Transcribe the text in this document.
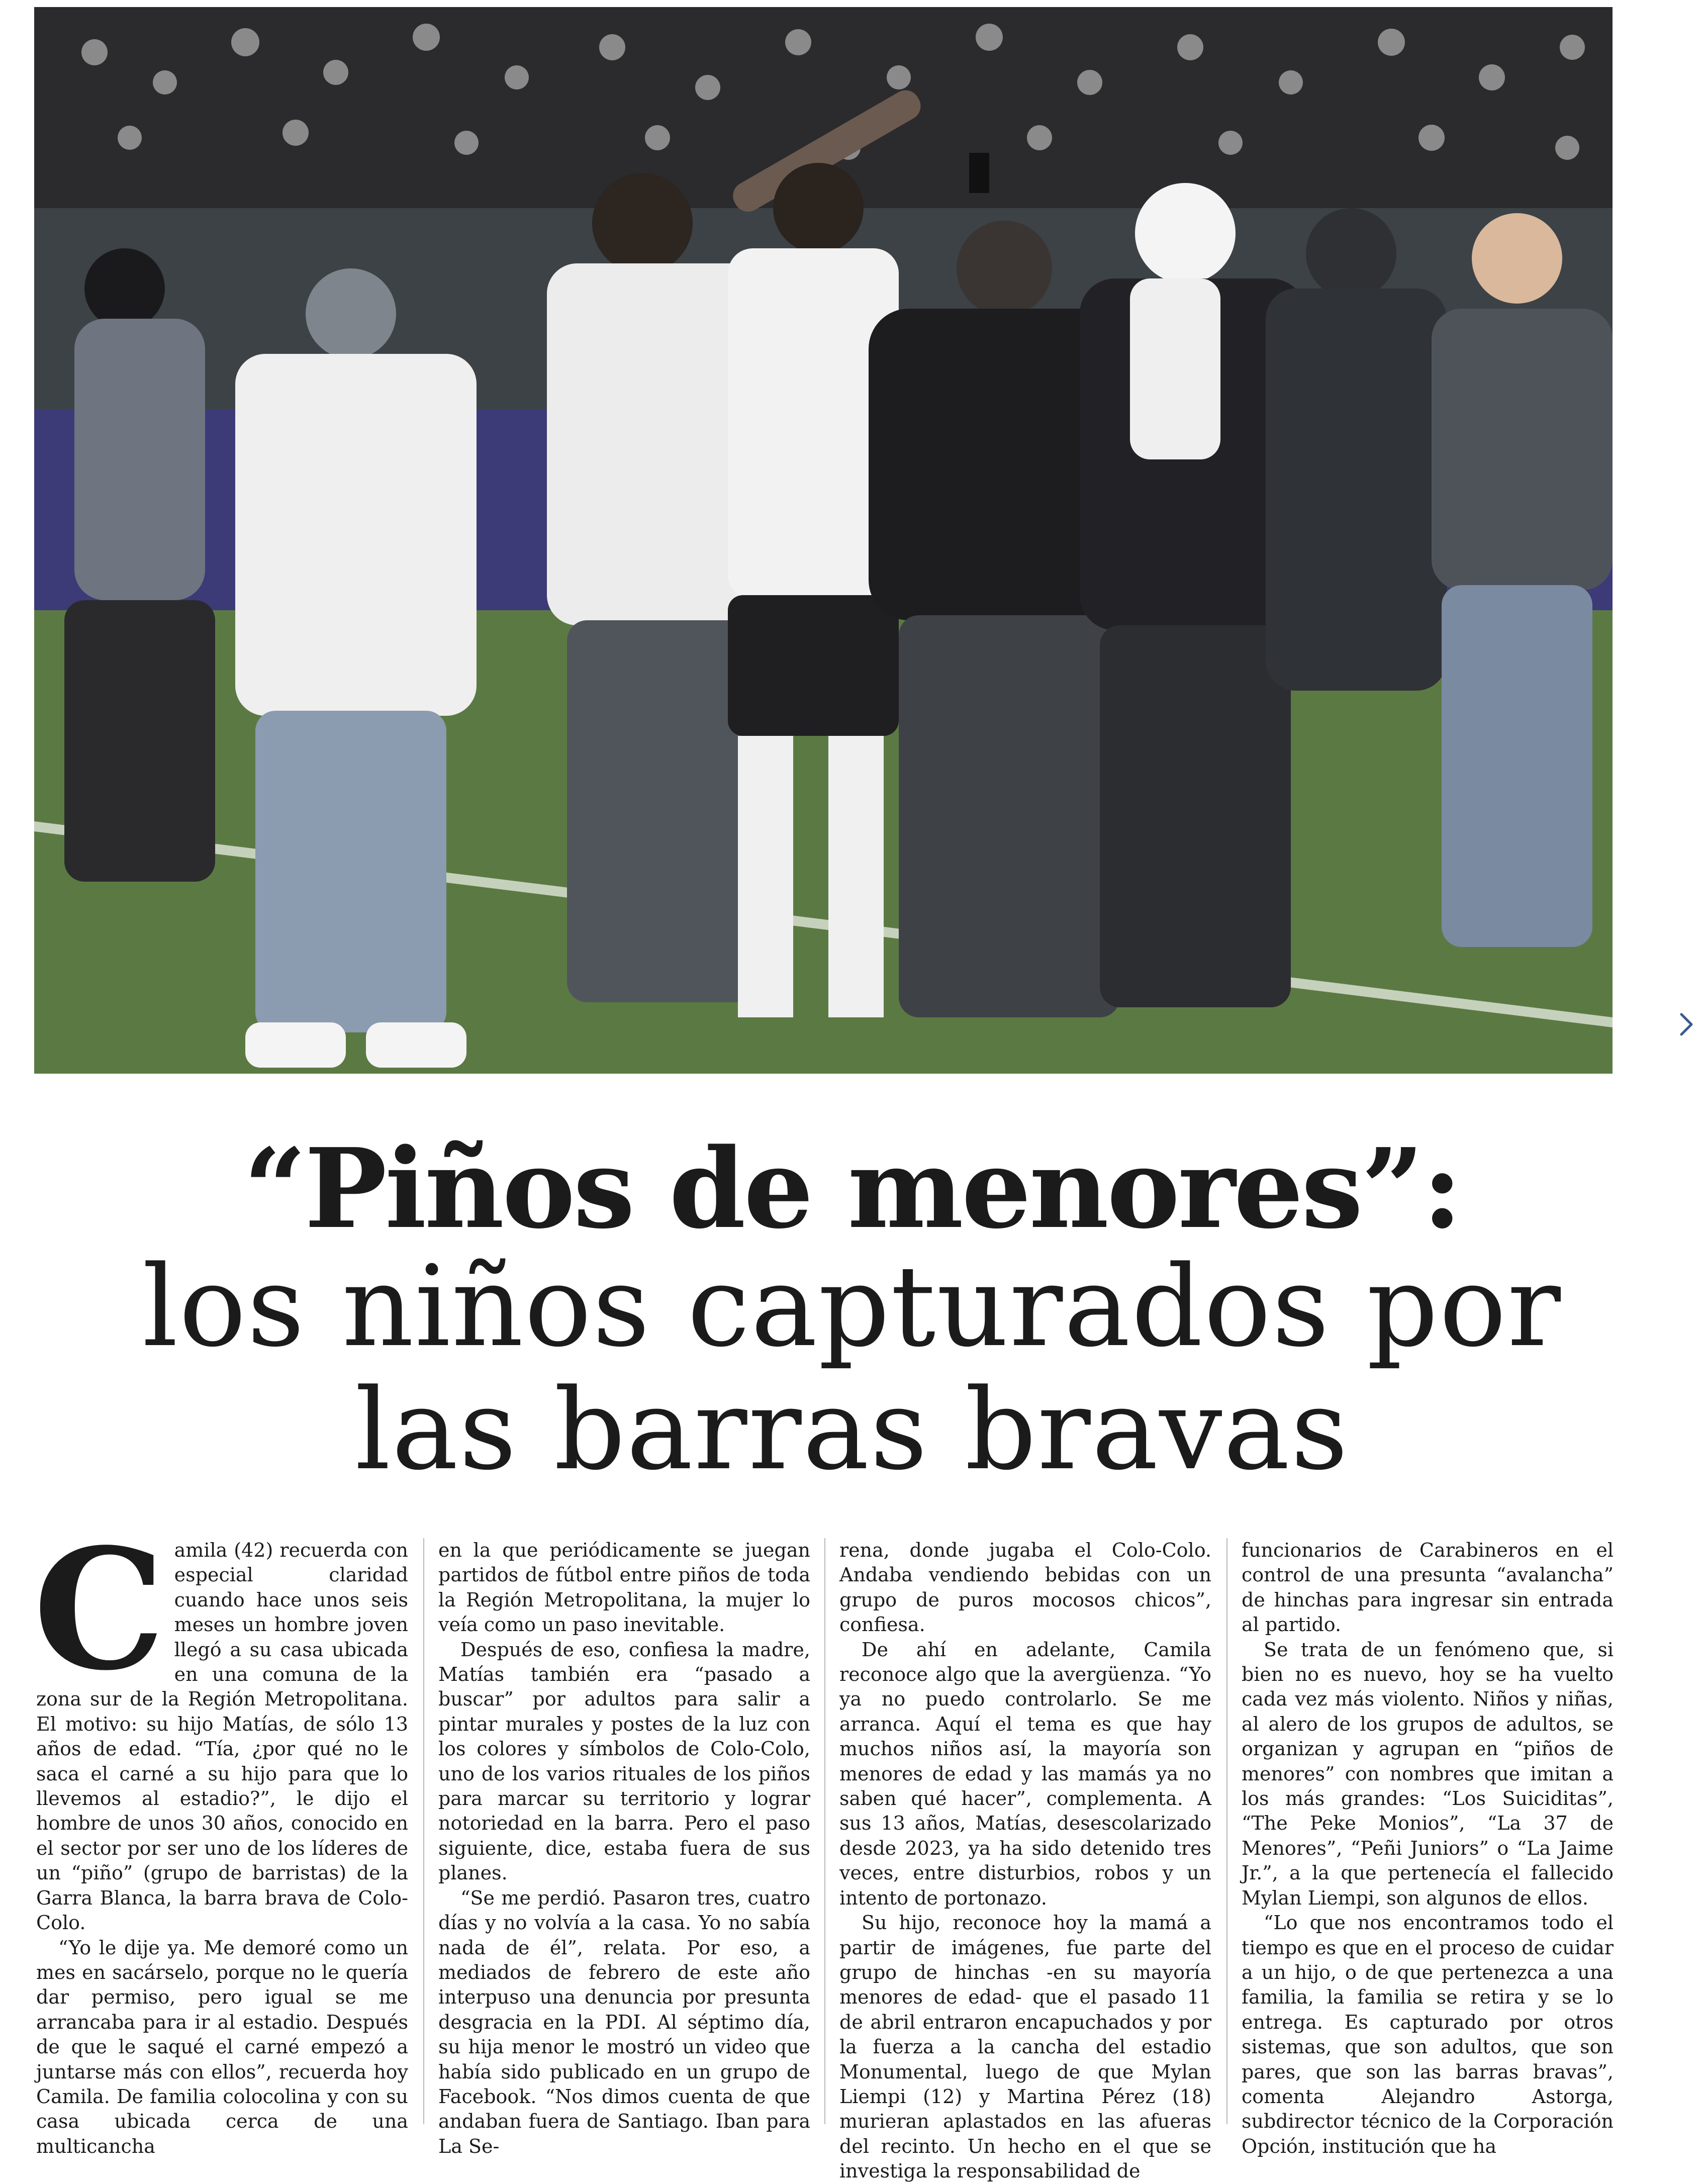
“Piños de menores”:
los niños capturados por
las barras bravas
C amila (42) recuerda con especial claridad cuando hace unos seis meses un hombre joven llegó a su casa ubicada en una comuna de la zona sur de la Región Metropolitana. El motivo: su hijo Matías, de sólo 13 años de edad. “Tía, ¿por qué no le saca el carné a su hijo para que lo llevemos al estadio?”, le dijo el hombre de unos 30 años, conocido en el sector por ser uno de los líderes de un “piño” (grupo de barristas) de la Garra Blanca, la barra brava de Colo-Colo.

“Yo le dije ya. Me demoré como un mes en sacárselo, porque no le quería dar permiso, pero igual se me arrancaba para ir al estadio. Después de que le saqué el carné empezó a juntarse más con ellos”, recuerda hoy Camila. De familia colocolina y con su casa ubicada cerca de una multicancha

en la que periódicamente se juegan partidos de fútbol entre piños de toda la Región Metropolitana, la mujer lo veía como un paso inevitable.

Después de eso, confiesa la madre, Matías también era “pasado a buscar” por adultos para salir a pintar murales y postes de la luz con los colores y símbolos de Colo-Colo, uno de los varios rituales de los piños para marcar su territorio y lograr notoriedad en la barra. Pero el paso siguiente, dice, estaba fuera de sus planes.

“Se me perdió. Pasaron tres, cuatro días y no volvía a la casa. Yo no sabía nada de él”, relata. Por eso, a mediados de febrero de este año interpuso una denuncia por presunta desgracia en la PDI. Al séptimo día, su hija menor le mostró un video que había sido publicado en un grupo de Facebook. “Nos dimos cuenta de que andaban fuera de Santiago. Iban para La Se-

rena, donde jugaba el Colo-Colo. Andaba vendiendo bebidas con un grupo de puros mocosos chicos”, confiesa.

De ahí en adelante, Camila reconoce algo que la avergüenza. “Yo ya no puedo controlarlo. Se me arranca. Aquí el tema es que hay muchos niños así, la mayoría son menores de edad y las mamás ya no saben qué hacer”, complementa. A sus 13 años, Matías, desescolarizado desde 2023, ya ha sido detenido tres veces, entre disturbios, robos y un intento de portonazo.

Su hijo, reconoce hoy la mamá a partir de imágenes, fue parte del grupo de hinchas -en su mayoría menores de edad- que el pasado 11 de abril entraron encapuchados y por la fuerza a la cancha del estadio Monumental, luego de que Mylan Liempi (12) y Martina Pérez (18) murieran aplastados en las afueras del recinto. Un hecho en el que se investiga la responsabilidad de

funcionarios de Carabineros en el control de una presunta “avalancha” de hinchas para ingresar sin entrada al partido.

Se trata de un fenómeno que, si bien no es nuevo, hoy se ha vuelto cada vez más violento. Niños y niñas, al alero de los grupos de adultos, se organizan y agrupan en “piños de menores” con nombres que imitan a los más grandes: “Los Suiciditas”, “The Peke Monios”, “La 37 de Menores”, “Peñi Juniors” o “La Jaime Jr.”, a la que pertenecía el fallecido Mylan Liempi, son algunos de ellos.

“Lo que nos encontramos todo el tiempo es que en el proceso de cuidar a un hijo, o de que pertenezca a una familia, la familia se retira y se lo entrega. Es capturado por otros sistemas, que son adultos, que son pares, que son las barras bravas”, comenta Alejandro Astorga, subdirector técnico de la Corporación Opción, institución que ha
